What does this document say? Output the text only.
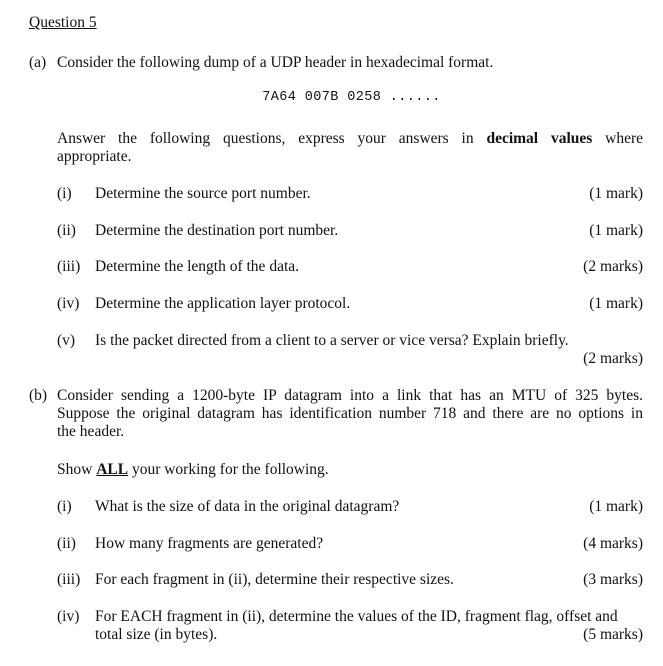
Question 5
(a) Consider the following dump of a UDP header in hexadecimal format.
7A64 007B 0258 ......
Answer the following questions, express your answers in decimal values where
appropriate.
(i) Determine the source port number.	(1 mark)
(ii) Determine the destination port number.	(1 mark)
(iii) Determine the length of the data.	(2 marks)
(iv) Determine the application layer protocol.	(1 mark)
(v) Is the packet directed from a client to a server or vice versa? Explain briefly.
(2 marks)
(b) Consider sending a 1200-byte IP datagram into a link that has an MTU of 325 bytes.
Suppose the original datagram has identification number 718 and there are no options in
the header.
Show ALL your working for the following.
(i) What is the size of data in the original datagram?	(1 mark)
(ii) How many fragments are generated?	(4 marks)
(iii) For each fragment in (ii), determine their respective sizes.	(3 marks)
(iv) For EACH fragment in (ii), determine the values of the ID, fragment flag, offset and
total size (in bytes).	(5 marks)
